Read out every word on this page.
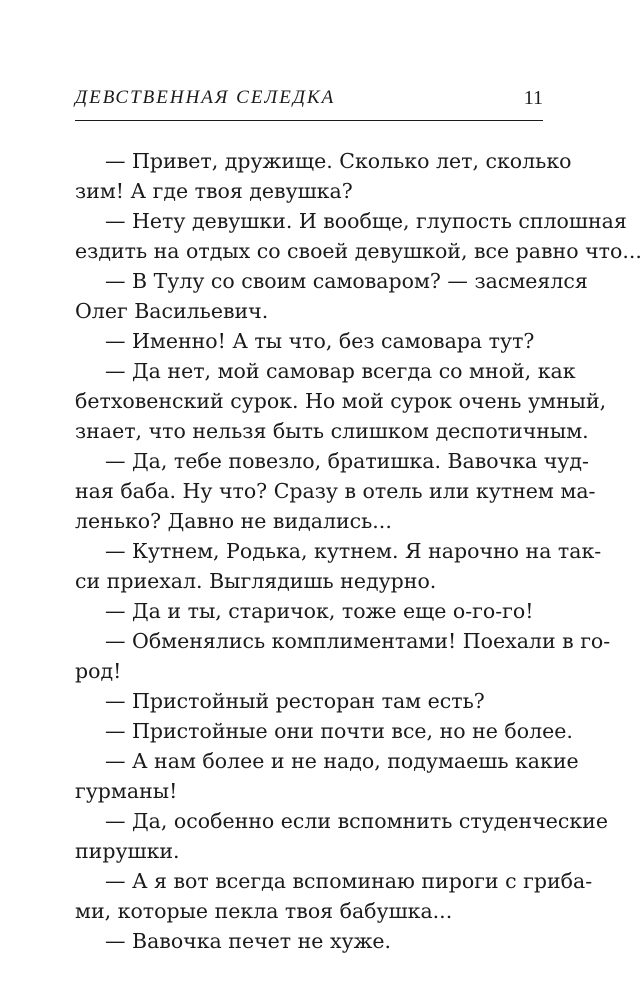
ДЕВСТВЕННАЯ СЕЛЕДКА	11
— Привет, дружище. Сколько лет, сколько
зим! А где твоя девушка?
— Нету девушки. И вообще, глупость сплошная
ездить на отдых со своей девушкой, все равно что...
— В Тулу со своим самоваром? — засмеялся
Олег Васильевич.
— Именно! А ты что, без самовара тут?
— Да нет, мой самовар всегда со мной, как
бетховенский сурок. Но мой сурок очень умный,
знает, что нельзя быть слишком деспотичным.
— Да, тебе повезло, братишка. Вавочка чуд-
ная баба. Ну что? Сразу в отель или кутнем ма-
ленько? Давно не видались...
— Кутнем, Родька, кутнем. Я нарочно на так-
си приехал. Выглядишь недурно.
— Да и ты, старичок, тоже еще о-го-го!
— Обменялись комплиментами! Поехали в го-
род!
— Пристойный ресторан там есть?
— Пристойные они почти все, но не более.
— А нам более и не надо, подумаешь какие
гурманы!
— Да, особенно если вспомнить студенческие
пирушки.
— А я вот всегда вспоминаю пироги с гриба-
ми, которые пекла твоя бабушка...
— Вавочка печет не хуже.
